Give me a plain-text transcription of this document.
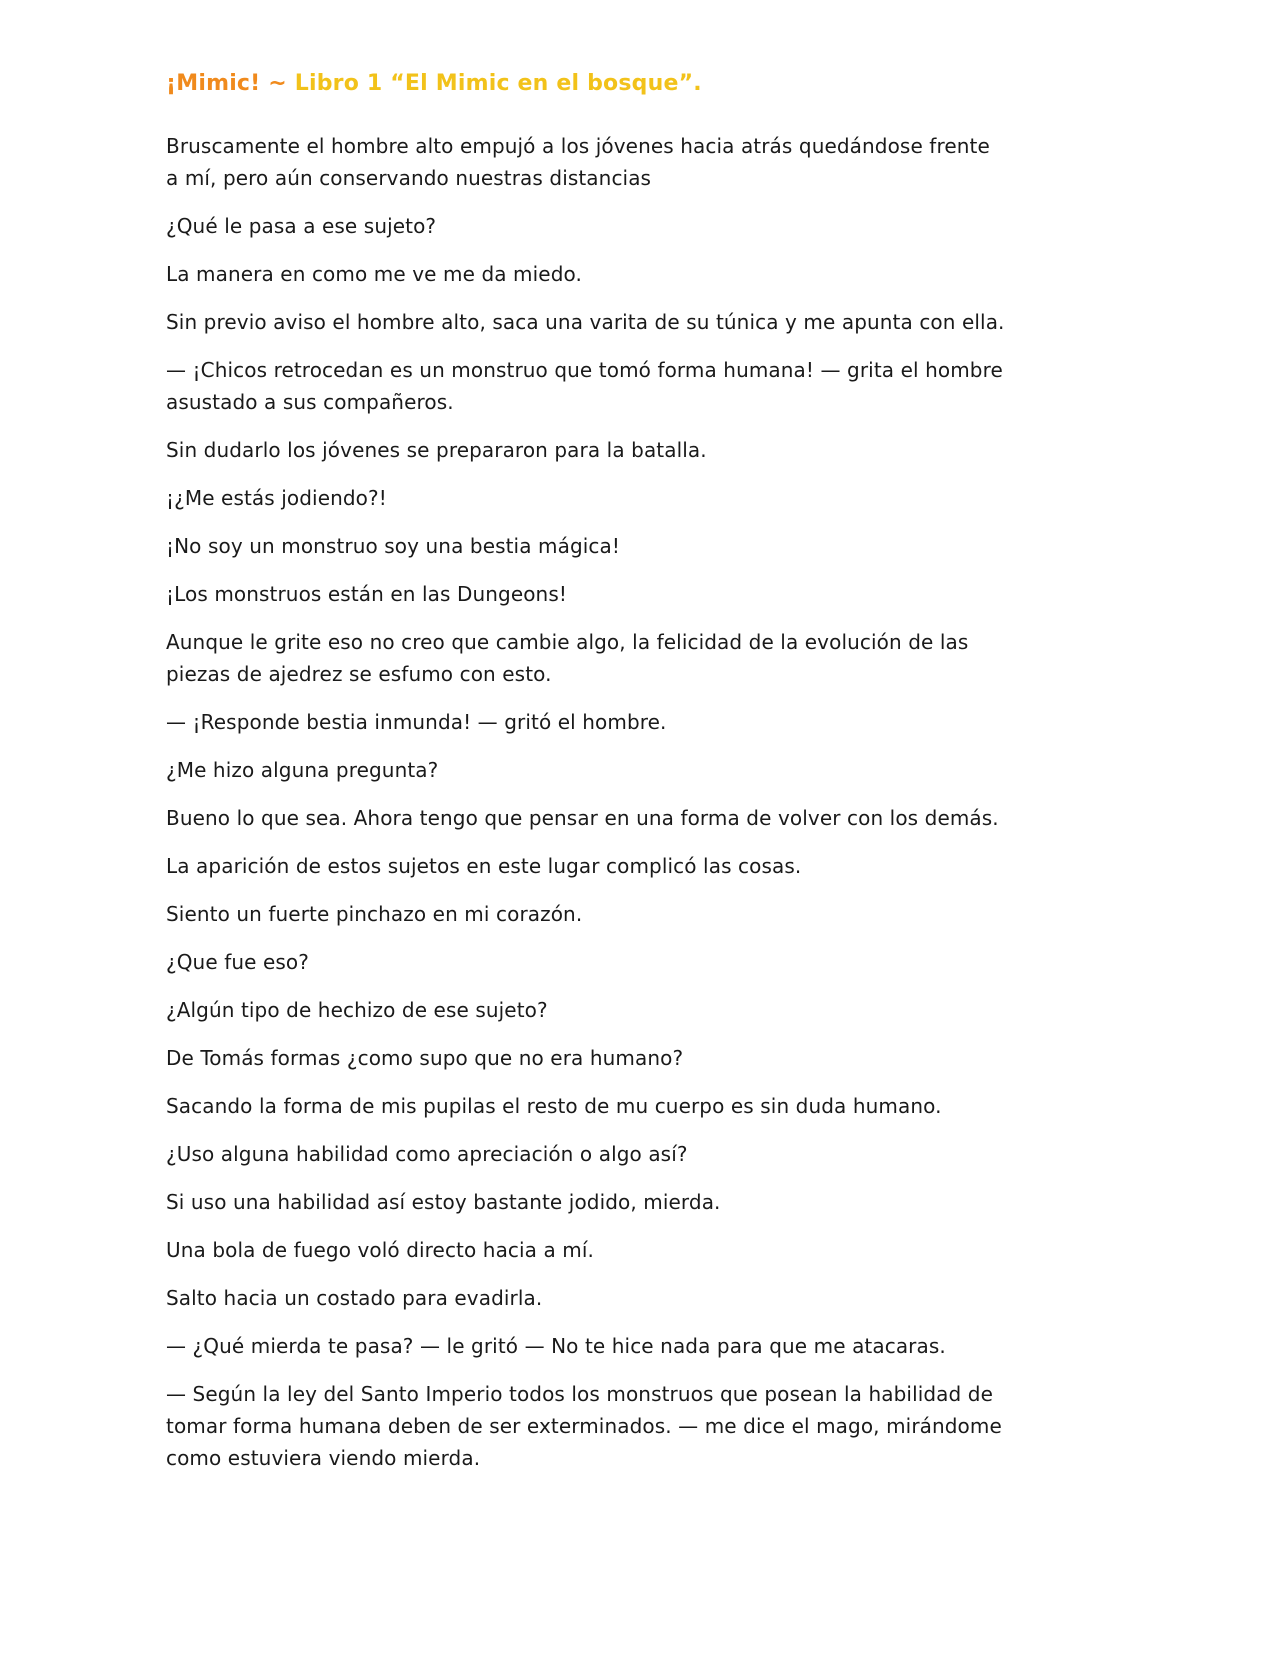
¡Mimic! ~ Libro 1 “El Mimic en el bosque”.

Bruscamente el hombre alto empujó a los jóvenes hacia atrás quedándose frente a mí, pero aún conservando nuestras distancias

¿Qué le pasa a ese sujeto?

La manera en como me ve me da miedo.

Sin previo aviso el hombre alto, saca una varita de su túnica y me apunta con ella.

— ¡Chicos retrocedan es un monstruo que tomó forma humana! — grita el hombre asustado a sus compañeros.

Sin dudarlo los jóvenes se prepararon para la batalla.

¡¿Me estás jodiendo?!

¡No soy un monstruo soy una bestia mágica!

¡Los monstruos están en las Dungeons!

Aunque le grite eso no creo que cambie algo, la felicidad de la evolución de las piezas de ajedrez se esfumo con esto.

— ¡Responde bestia inmunda! — gritó el hombre.

¿Me hizo alguna pregunta?

Bueno lo que sea. Ahora tengo que pensar en una forma de volver con los demás.

La aparición de estos sujetos en este lugar complicó las cosas.

Siento un fuerte pinchazo en mi corazón.

¿Que fue eso?

¿Algún tipo de hechizo de ese sujeto?

De Tomás formas ¿como supo que no era humano?

Sacando la forma de mis pupilas el resto de mu cuerpo es sin duda humano.

¿Uso alguna habilidad como apreciación o algo así?

Si uso una habilidad así estoy bastante jodido, mierda.

Una bola de fuego voló directo hacia a mí.

Salto hacia un costado para evadirla.

— ¿Qué mierda te pasa? — le gritó — No te hice nada para que me atacaras.

— Según la ley del Santo Imperio todos los monstruos que posean la habilidad de tomar forma humana deben de ser exterminados. — me dice el mago, mirándome como estuviera viendo mierda.
